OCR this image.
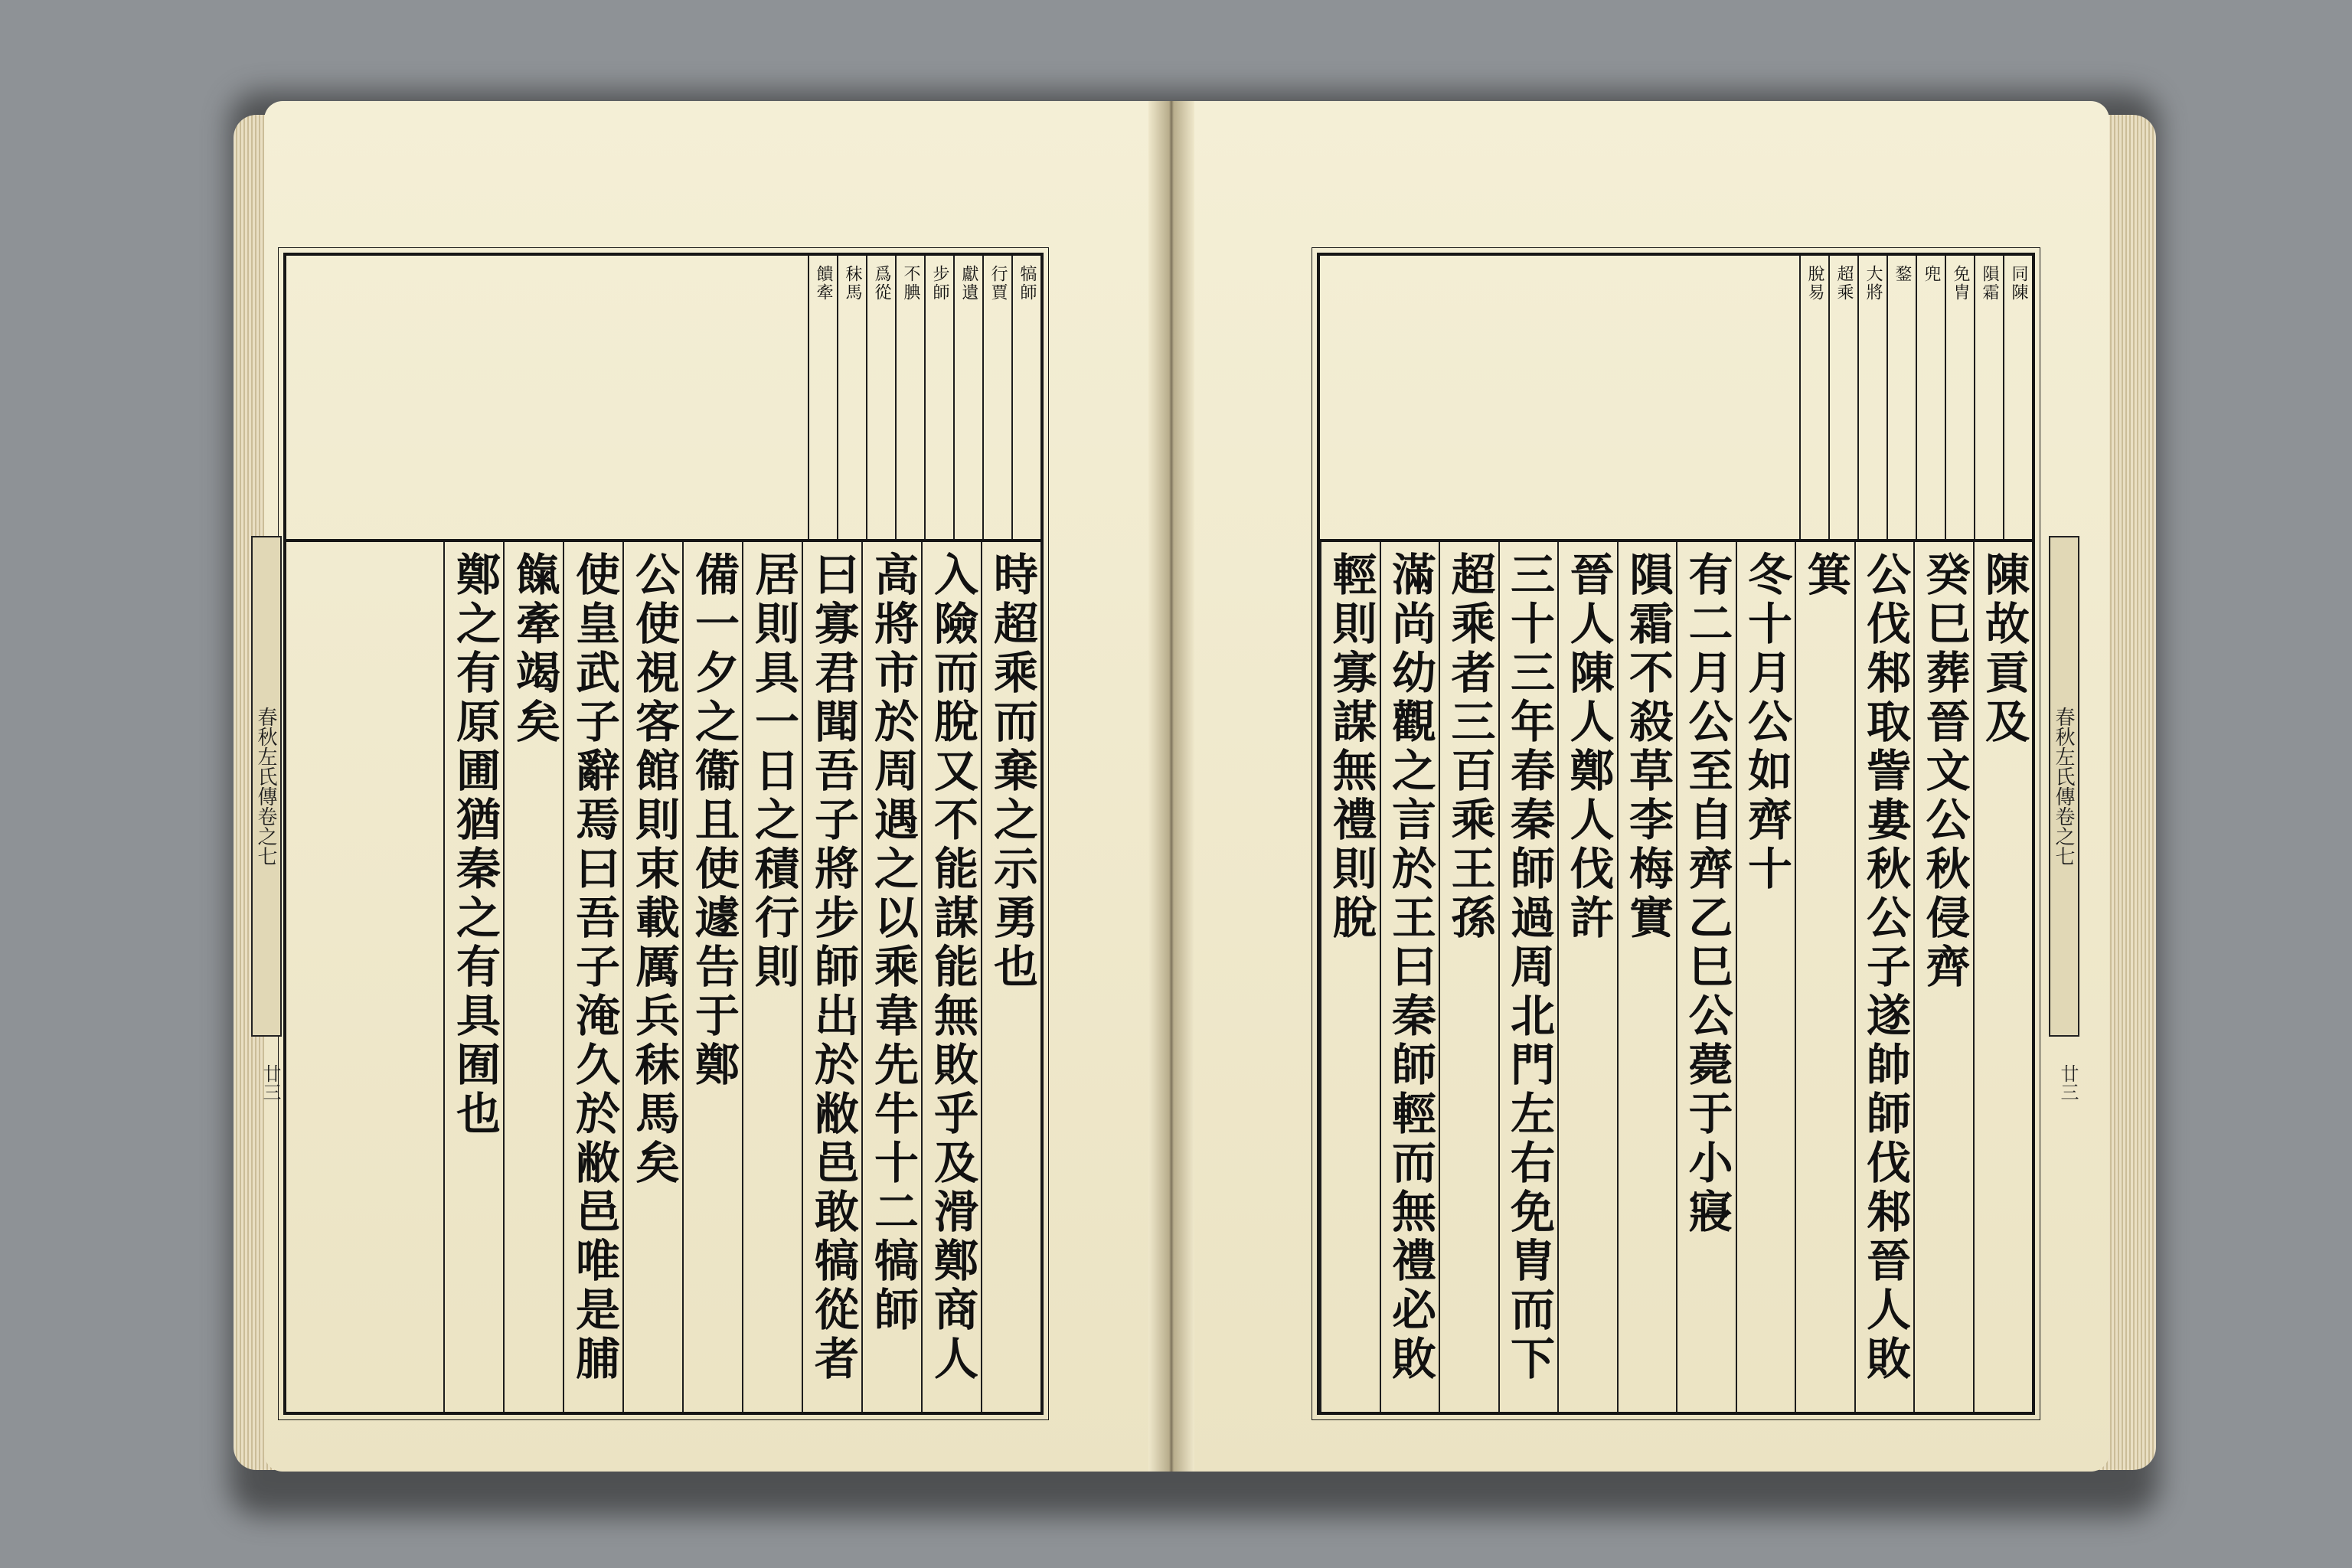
犒師
行賈
獻遺
步師
不腆
爲從
秣馬
饋牽
時超乘而棄之示勇也
入險而脫又不能謀能無敗乎及滑鄭商人
高將市於周遇之以乘韋先牛十二犒師
曰寡君聞吾子將步師出於敝邑敢犒從者
居則具一日之積行則
備一夕之衞且使遽告于鄭
公使視客館則束載厲兵秣馬矣
使皇武子辭焉曰吾子淹久於敝邑唯是脯
餼牽竭矣
鄭之有原圃猶秦之有具囿也
同陳
隕霜
免胄
兜
鍪
大將
超乘
脫易
陳故貢及
癸巳葬晉文公秋侵齊
公伐邾取訾婁秋公子遂帥師伐邾晉人敗
箕
冬十月公如齊十
有二月公至自齊乙巳公薨于小寢
隕霜不殺草李梅實
晉人陳人鄭人伐許
三十三年春秦師過周北門左右免胄而下
超乘者三百乘王孫
滿尚幼觀之言於王曰秦師輕而無禮必敗
輕則寡謀無禮則脫
春秋左氏傳卷之七	春秋左氏傳卷之七
廿三	廿三
